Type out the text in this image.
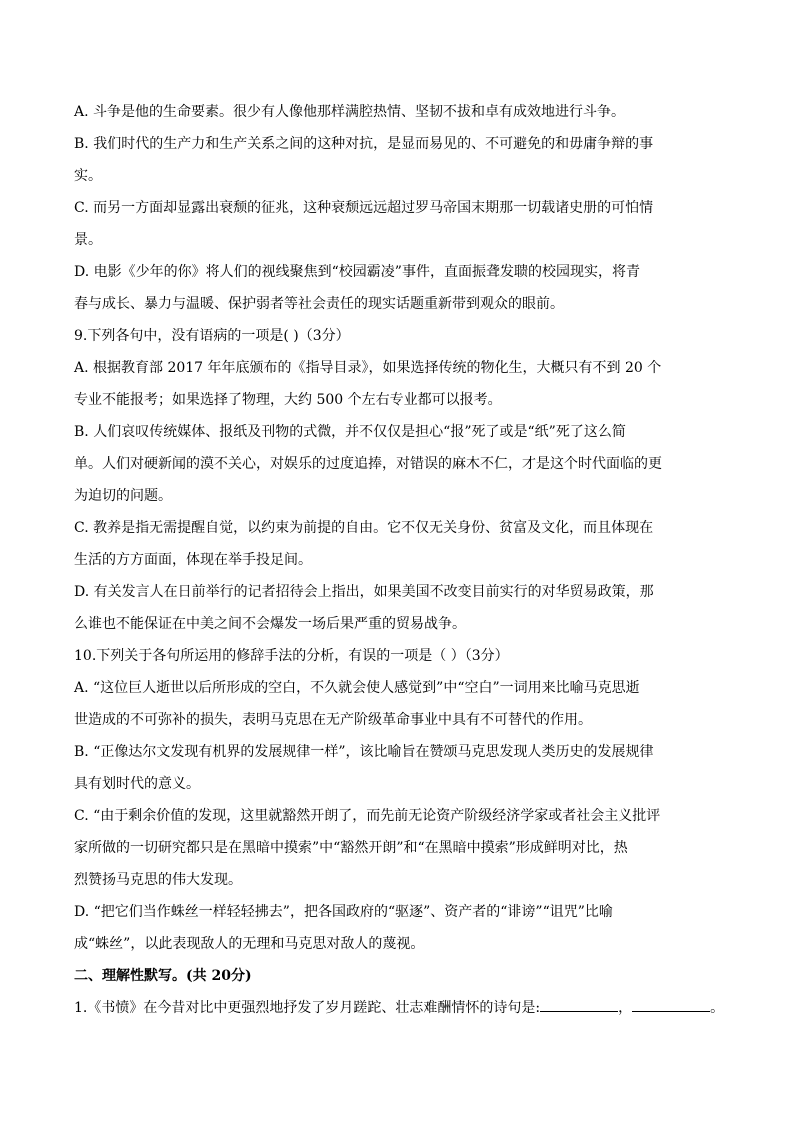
A. 斗争是他的生命要素。很少有人像他那样满腔热情、坚韧不拔和卓有成效地进行斗争。
B. 我们时代的生产力和生产关系之间的这种对抗，是显而易见的、不可避免的和毋庸争辩的事
实。
C. 而另一方面却显露出衰颓的征兆，这种衰颓远远超过罗马帝国末期那一切载诸史册的可怕情
景。
D. 电影《少年的你》将人们的视线聚焦到“校园霸凌”事件，直面振聋发聩的校园现实，将青
春与成长、暴力与温暖、保护弱者等社会责任的现实话题重新带到观众的眼前。
9.下列各句中，没有语病的一项是( )（3分）
A. 根据教育部 2017 年年底颁布的《指导目录》，如果选择传统的物化生，大概只有不到 20 个
专业不能报考；如果选择了物理，大约 500 个左右专业都可以报考。
B. 人们哀叹传统媒体、报纸及刊物的式微，并不仅仅是担心“报”死了或是“纸”死了这么简
单。人们对硬新闻的漠不关心，对娱乐的过度追捧，对错误的麻木不仁，才是这个时代面临的更
为迫切的问题。
C. 教养是指无需提醒自觉，以约束为前提的自由。它不仅无关身份、贫富及文化，而且体现在
生活的方方面面，体现在举手投足间。
D. 有关发言人在日前举行的记者招待会上指出，如果美国不改变目前实行的对华贸易政策，那
么谁也不能保证在中美之间不会爆发一场后果严重的贸易战争。
10.下列关于各句所运用的修辞手法的分析，有误的一项是（ ）（3分）
A. “这位巨人逝世以后所形成的空白，不久就会使人感觉到”中“空白”一词用来比喻马克思逝
世造成的不可弥补的损失，表明马克思在无产阶级革命事业中具有不可替代的作用。
B. “正像达尔文发现有机界的发展规律一样”，该比喻旨在赞颂马克思发现人类历史的发展规律
具有划时代的意义。
C. “由于剩余价值的发现，这里就豁然开朗了，而先前无论资产阶级经济学家或者社会主义批评
家所做的一切研究都只是在黑暗中摸索”中“豁然开朗”和“在黑暗中摸索”形成鲜明对比，热
烈赞扬马克思的伟大发现。
D. “把它们当作蛛丝一样轻轻拂去”，把各国政府的“驱逐”、资产者的“诽谤”“诅咒”比喻
成“蛛丝”，以此表现敌人的无理和马克思对敌人的蔑视。
二、理解性默写。(共 20分)
1.《书愤》在今昔对比中更强烈地抒发了岁月蹉跎、壮志难酬情怀的诗句是:	，	。
